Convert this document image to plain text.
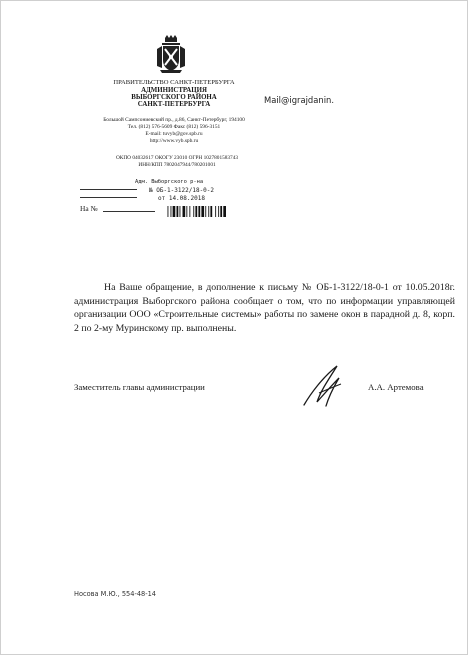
ПРАВИТЕЛЬСТВО САНКТ-ПЕТЕРБУРГА
АДМИНИСТРАЦИЯ
ВЫБОРГСКОГО РАЙОНА
САНКТ-ПЕТЕРБУРГА
Большой Сампсониевский пр., д.86, Санкт-Петербург, 194100
Тел. (812) 576-5609 Факс (812) 596-3151
E-mail: tuvyb@gov.spb.ru
http://www.vyb.spb.ru
ОКПО 04032617 ОКОГУ 23010 ОГРН 1027801583743
ИНН/КПП 7802047944/780201001
Mail@igrajdanin.
Адм. Выборгского р-на
№ ОБ-1-3122/18-0-2
от 14.08.2018
На №
На Ваше обращение, в дополнение к письму № ОБ-1-3122/18-0-1 от 10.05.2018г. администрация Выборгского района сообщает о том, что по информации управляющей организации ООО «Строительные системы» работы по замене окон в парадной д. 8, корп. 2 по 2-му Муринскому пр. выполнены.
Заместитель главы администрации	А.А. Артемова
Носова М.Ю., 554-48-14
